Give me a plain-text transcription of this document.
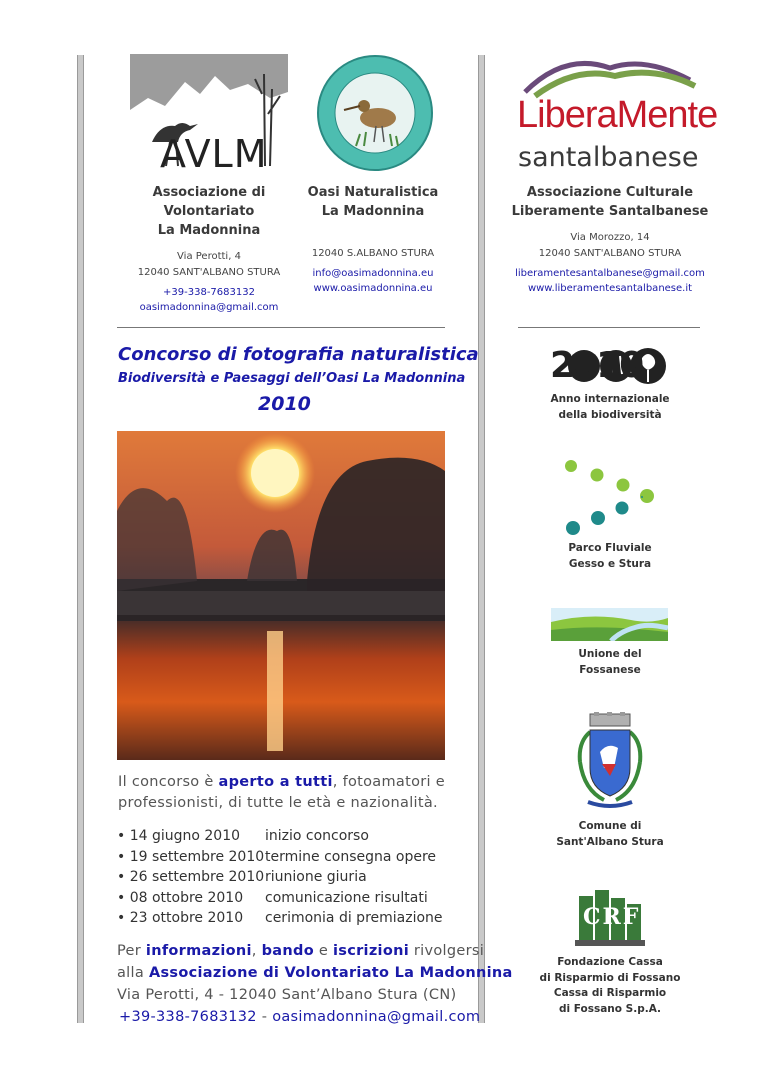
AVLM
LiberaMente
santalbanese
Associazione di Volontariato
La Madonnina
Via Perotti, 4
12040 SANT'ALBANO STURA
+39-338-7683132
oasimadonnina@gmail.com
Oasi Naturalistica
La Madonnina
12040 S.ALBANO STURA
info@oasimadonnina.eu
www.oasimadonnina.eu
Associazione Culturale
Liberamente Santalbanese
Via Morozzo, 14
12040 SANT'ALBANO STURA
liberamentesantalbanese@gmail.com
www.liberamentesantalbanese.it
Concorso di fotografia naturalistica
Biodiversità e Paesaggi dell’Oasi La Madonnina
2010
Il concorso è aperto a tutti, fotoamatori e
professionisti, di tutte le età e nazionalità.
• 14 giugno 2010	inizio concorso
• 19 settembre 2010 termine consegna opere
• 26 settembre 2010 riunione giuria
• 08 ottobre 2010	comunicazione risultati
• 23 ottobre 2010	cerimonia di premiazione
Per informazioni, bando e iscrizioni rivolgersi
alla Associazione di Volontariato La Madonnina
Via Perotti, 4 - 12040 Sant’Albano Stura (CN)
+39-338-7683132 - oasimadonnina@gmail.com
2010
Anno internazionale
della biodiversità
Parco Fluviale
Gesso e Stura
Unione del
Fossanese
Comune di
Sant'Albano Stura
CRF
Fondazione Cassa
di Risparmio di Fossano
Cassa di Risparmio
di Fossano S.p.A.
